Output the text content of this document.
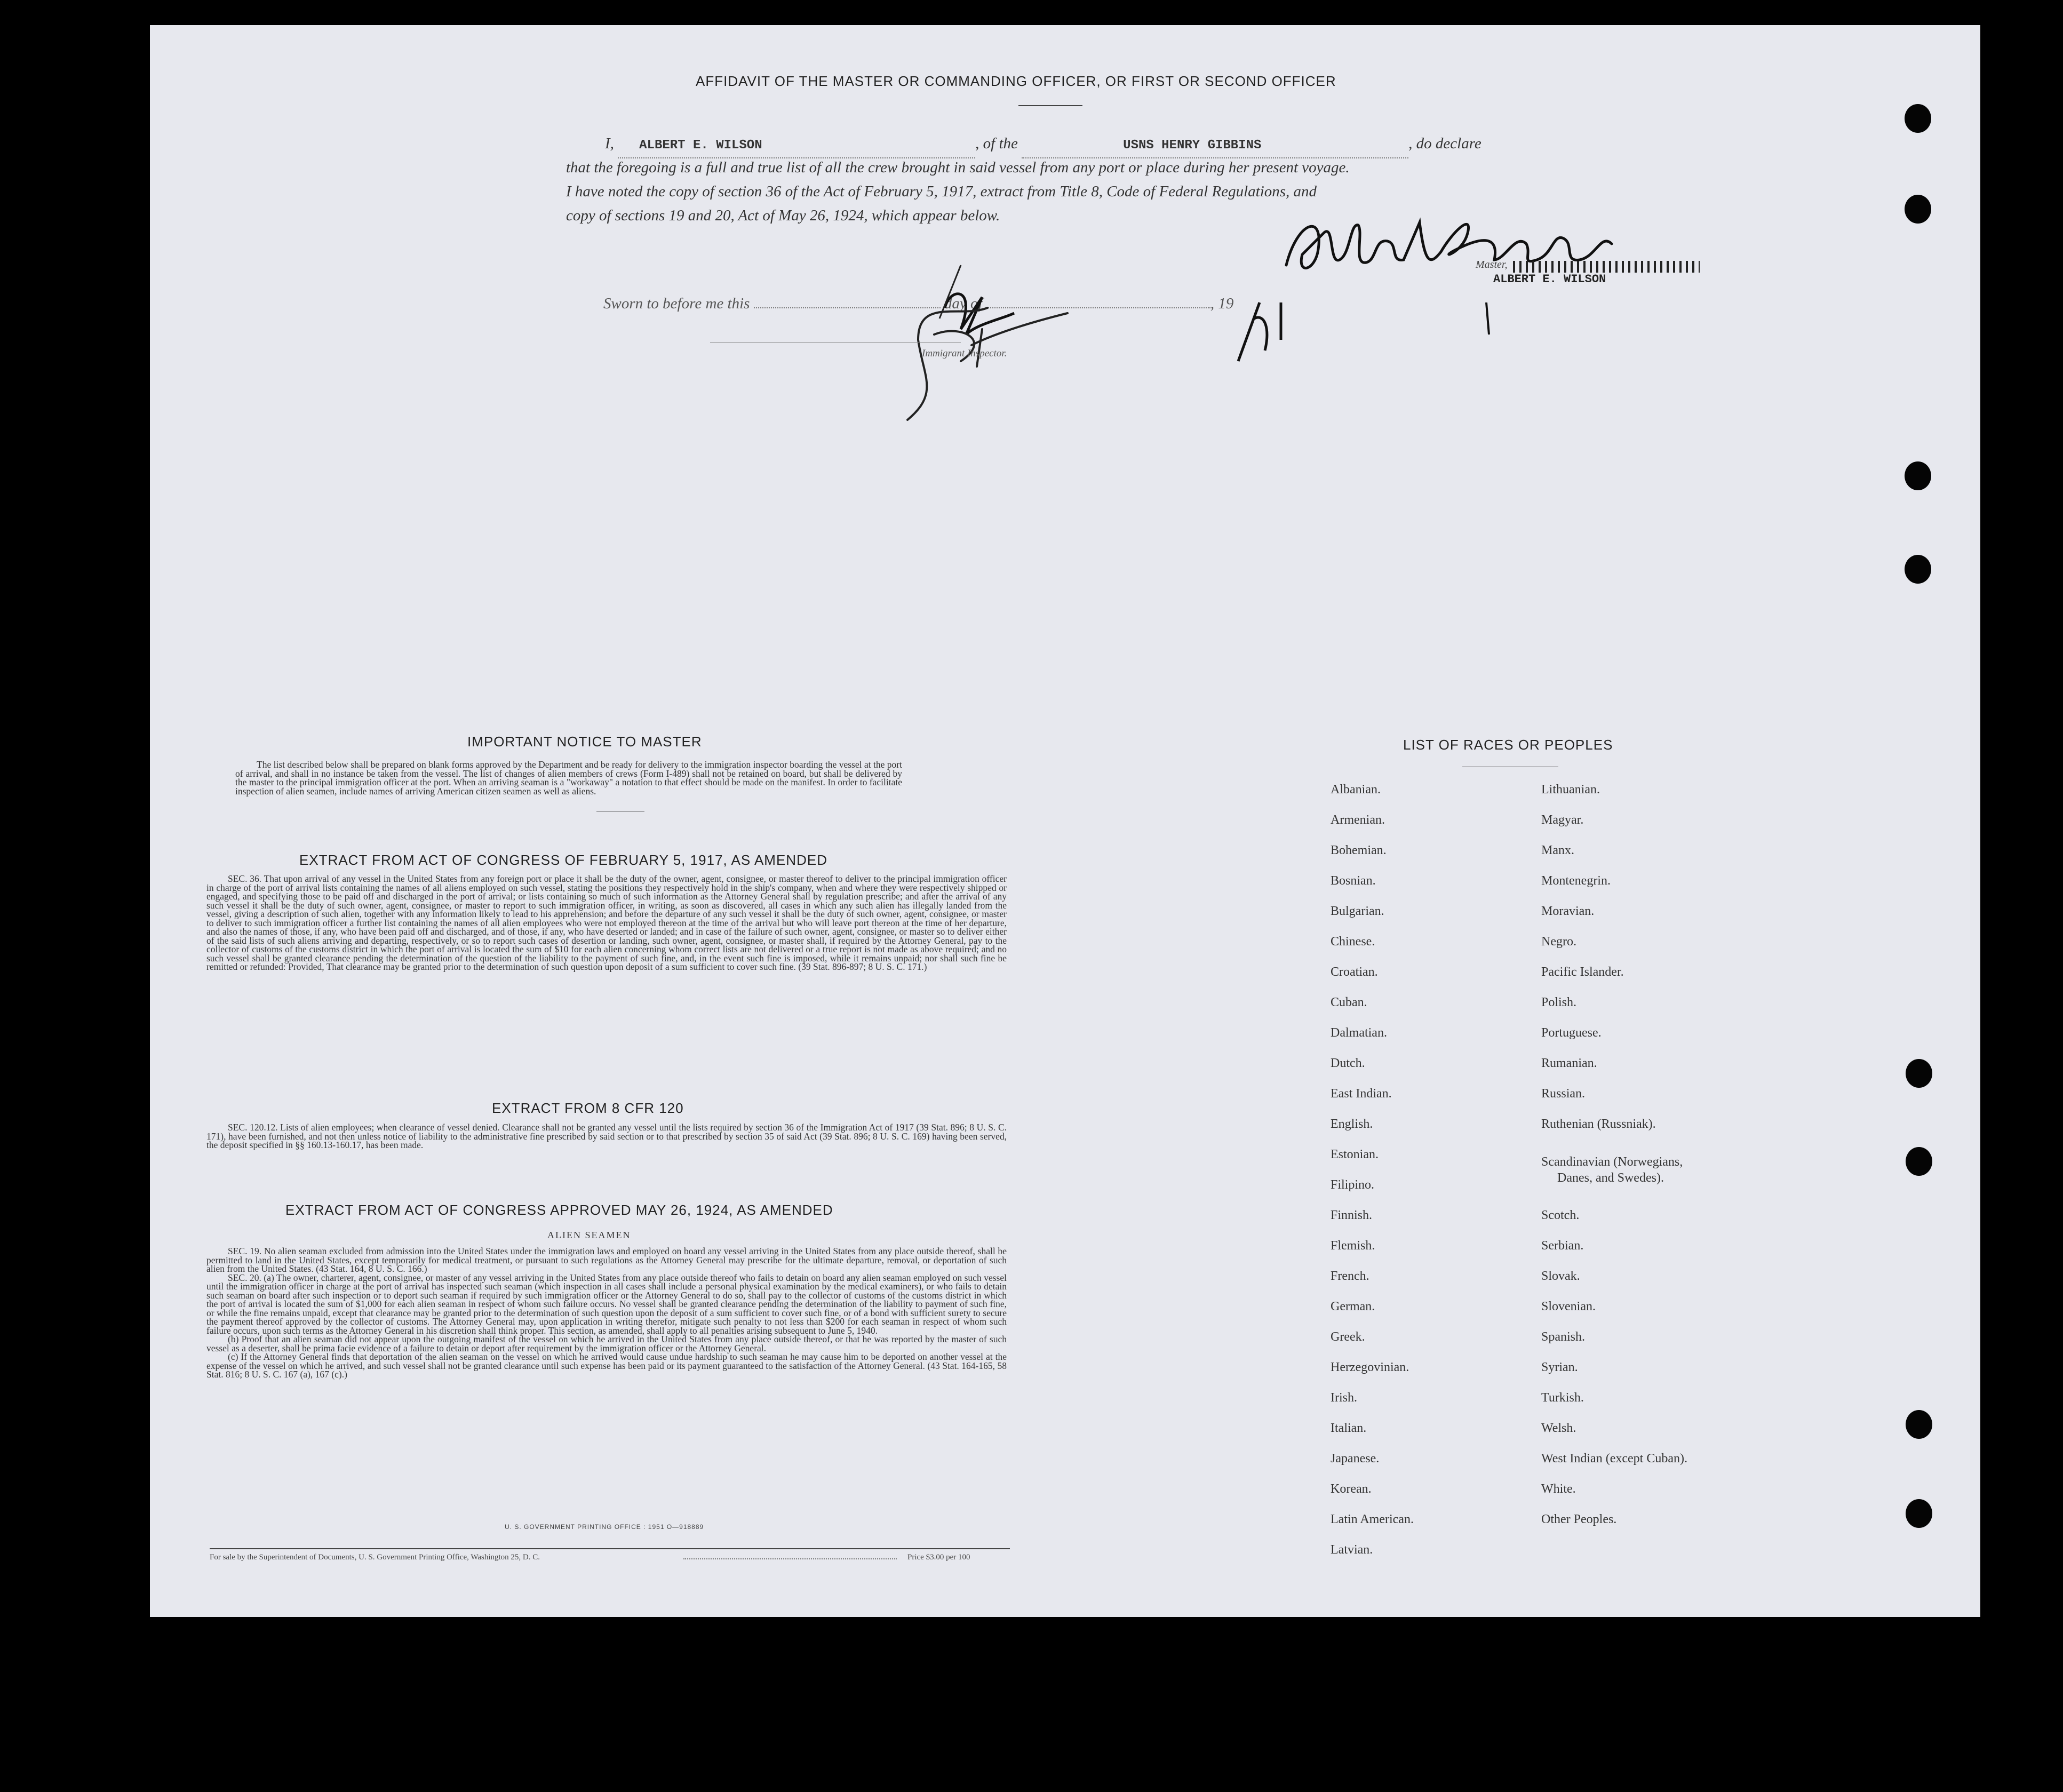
AFFIDAVIT OF THE MASTER OR COMMANDING OFFICER, OR FIRST OR SECOND OFFICER
I, ALBERT E. WILSON	, of the	USNS HENRY GIBBINS	, do declare
that the foregoing is a full and true list of all the crew brought in said vessel from any port or place during her present voyage.
I have noted the copy of section 36 of the Act of February 5, 1917, extract from Title 8, Code of Federal Regulations, and
copy of sections 19 and 20, Act of May 26, 1924, which appear below.
Master,
ALBERT E. WILSON
Sworn to before me this	day of	, 19
Immigrant Inspector.
IMPORTANT NOTICE TO MASTER

The list described below shall be prepared on blank forms approved by the Department and be ready for delivery to the immigration inspector boarding the vessel at the port of arrival, and shall in no instance be taken from the vessel. The list of changes of alien members of crews (Form I-489) shall not be retained on board, but shall be delivered by the master to the principal immigration officer at the port. When an arriving seaman is a "workaway" a notation to that effect should be made on the manifest. In order to facilitate inspection of alien seamen, include names of arriving American citizen seamen as well as aliens.

EXTRACT FROM ACT OF CONGRESS OF FEBRUARY 5, 1917, AS AMENDED

SEC. 36. That upon arrival of any vessel in the United States from any foreign port or place it shall be the duty of the owner, agent, consignee, or master thereof to deliver to the principal immigration officer in charge of the port of arrival lists containing the names of all aliens employed on such vessel, stating the positions they respectively hold in the ship's company, when and where they were respectively shipped or engaged, and specifying those to be paid off and discharged in the port of arrival; or lists containing so much of such information as the Attorney General shall by regulation prescribe; and after the arrival of any such vessel it shall be the duty of such owner, agent, consignee, or master to report to such immigration officer, in writing, as soon as discovered, all cases in which any such alien has illegally landed from the vessel, giving a description of such alien, together with any information likely to lead to his apprehension; and before the departure of any such vessel it shall be the duty of such owner, agent, consignee, or master to deliver to such immigration officer a further list containing the names of all alien employees who were not employed thereon at the time of the arrival but who will leave port thereon at the time of her departure, and also the names of those, if any, who have been paid off and discharged, and of those, if any, who have deserted or landed; and in case of the failure of such owner, agent, consignee, or master so to deliver either of the said lists of such aliens arriving and departing, respectively, or so to report such cases of desertion or landing, such owner, agent, consignee, or master shall, if required by the Attorney General, pay to the collector of customs of the customs district in which the port of arrival is located the sum of $10 for each alien concerning whom correct lists are not delivered or a true report is not made as above required; and no such vessel shall be granted clearance pending the determination of the question of the liability to the payment of such fine, and, in the event such fine is imposed, while it remains unpaid; nor shall such fine be remitted or refunded: Provided, That clearance may be granted prior to the determination of such question upon deposit of a sum sufficient to cover such fine. (39 Stat. 896-897; 8 U. S. C. 171.)

EXTRACT FROM 8 CFR 120

SEC. 120.12. Lists of alien employees; when clearance of vessel denied. Clearance shall not be granted any vessel until the lists required by section 36 of the Immigration Act of 1917 (39 Stat. 896; 8 U. S. C. 171), have been furnished, and not then unless notice of liability to the administrative fine prescribed by said section or to that prescribed by section 35 of said Act (39 Stat. 896; 8 U. S. C. 169) having been served, the deposit specified in §§ 160.13-160.17, has been made.

EXTRACT FROM ACT OF CONGRESS APPROVED MAY 26, 1924, AS AMENDED
ALIEN SEAMEN

SEC. 19. No alien seaman excluded from admission into the United States under the immigration laws and employed on board any vessel arriving in the United States from any place outside thereof, shall be permitted to land in the United States, except temporarily for medical treatment, or pursuant to such regulations as the Attorney General may prescribe for the ultimate departure, removal, or deportation of such alien from the United States. (43 Stat. 164, 8 U. S. C. 166.)

SEC. 20. (a) The owner, charterer, agent, consignee, or master of any vessel arriving in the United States from any place outside thereof who fails to detain on board any alien seaman employed on such vessel until the immigration officer in charge at the port of arrival has inspected such seaman (which inspection in all cases shall include a personal physical examination by the medical examiners), or who fails to detain such seaman on board after such inspection or to deport such seaman if required by such immigration officer or the Attorney General to do so, shall pay to the collector of customs of the customs district in which the port of arrival is located the sum of $1,000 for each alien seaman in respect of whom such failure occurs. No vessel shall be granted clearance pending the determination of the liability to payment of such fine, or while the fine remains unpaid, except that clearance may be granted prior to the determination of such question upon the deposit of a sum sufficient to cover such fine, or of a bond with sufficient surety to secure the payment thereof approved by the collector of customs. The Attorney General may, upon application in writing therefor, mitigate such penalty to not less than $200 for each seaman in respect of whom such failure occurs, upon such terms as the Attorney General in his discretion shall think proper. This section, as amended, shall apply to all penalties arising subsequent to June 5, 1940.

(b) Proof that an alien seaman did not appear upon the outgoing manifest of the vessel on which he arrived in the United States from any place outside thereof, or that he was reported by the master of such vessel as a deserter, shall be prima facie evidence of a failure to detain or deport after requirement by the immigration officer or the Attorney General.

(c) If the Attorney General finds that deportation of the alien seaman on the vessel on which he arrived would cause undue hardship to such seaman he may cause him to be deported on another vessel at the expense of the vessel on which he arrived, and such vessel shall not be granted clearance until such expense has been paid or its payment guaranteed to the satisfaction of the Attorney General. (43 Stat. 164-165, 58 Stat. 816; 8 U. S. C. 167 (a), 167 (c).)

U. S. GOVERNMENT PRINTING OFFICE : 1951 O—918889
For sale by the Superintendent of Documents, U. S. Government Printing Office, Washington 25, D. C.	Price $3.00 per 100
LIST OF RACES OR PEOPLES
Albanian.
Armenian.
Bohemian.
Bosnian.
Bulgarian.
Chinese.
Croatian.
Cuban.
Dalmatian.
Dutch.
East Indian.
English.
Estonian.
Filipino.
Finnish.
Flemish.
French.
German.
Greek.
Herzegovinian.
Irish.
Italian.
Japanese.
Korean.
Latin American.
Latvian.
Lithuanian.
Magyar.
Manx.
Montenegrin.
Moravian.
Negro.
Pacific Islander.
Polish.
Portuguese.
Rumanian.
Russian.
Ruthenian (Russniak).
Scandinavian (Norwegians,
Danes, and Swedes).
Scotch.
Serbian.
Slovak.
Slovenian.
Spanish.
Syrian.
Turkish.
Welsh.
West Indian (except Cuban).
White.
Other Peoples.
